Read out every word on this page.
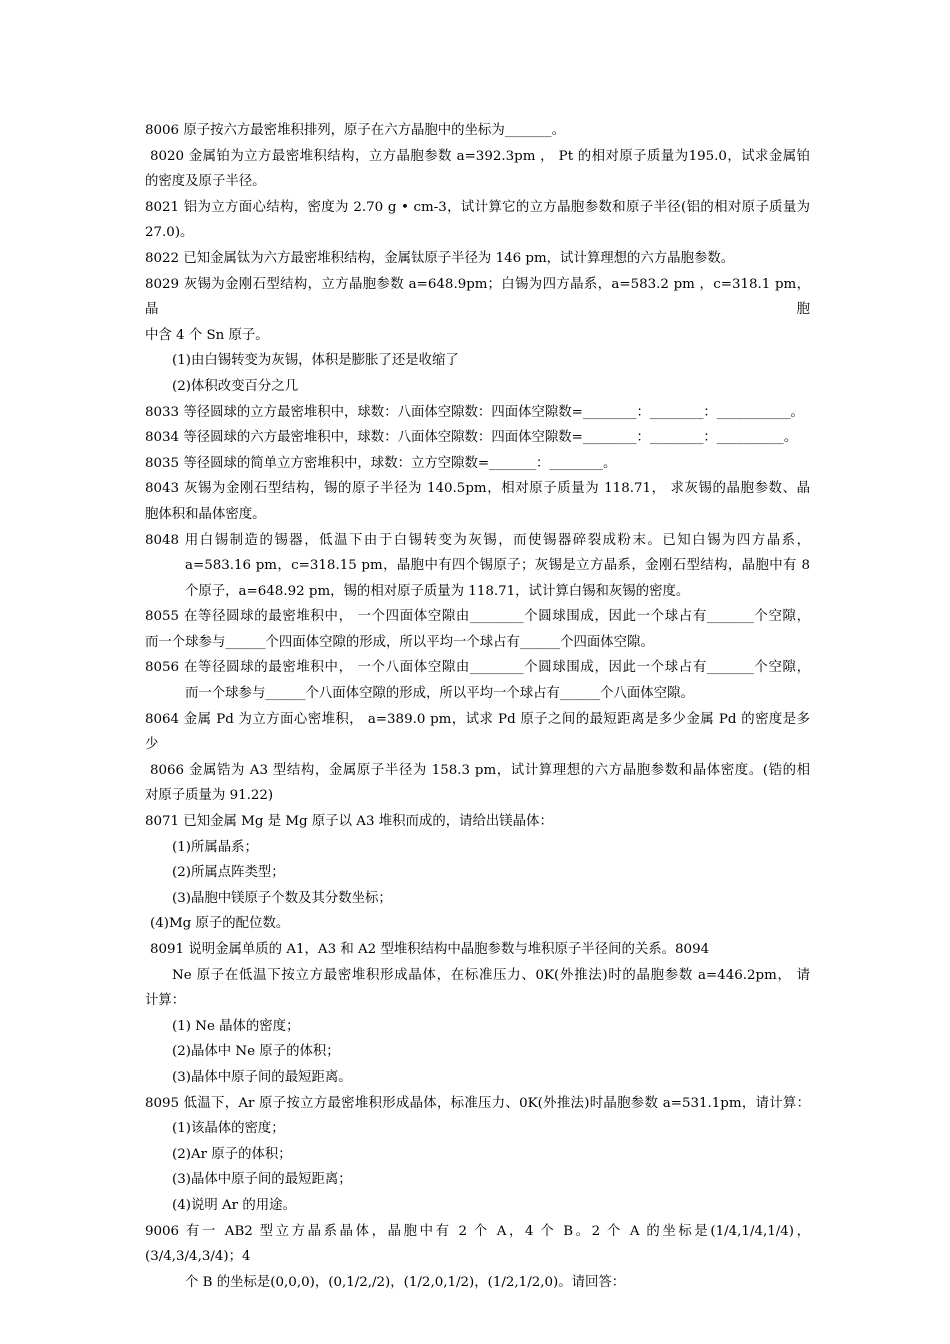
8006 原子按六方最密堆积排列，原子在六方晶胞中的坐标为_______。
8020 金属铂为立方最密堆积结构，立方晶胞参数 a=392.3pm ， Pt 的相对原子质量为195.0，试求金属铂
的密度及原子半径。
8021 铝为立方面心结构，密度为 2.70 g • cm-3，试计算它的立方晶胞参数和原子半径(铝的相对原子质量为
27.0)。
8022 已知金属钛为六方最密堆积结构，金属钛原子半径为 146 pm，试计算理想的六方晶胞参数。
8029 灰锡为金刚石型结构，立方晶胞参数 a=648.9pm；白锡为四方晶系，a=583.2 pm ，c=318.1 pm，晶胞
中含 4 个 Sn 原子。
(1)由白锡转变为灰锡，体积是膨胀了还是收缩了
(2)体积改变百分之几
8033 等径圆球的立方最密堆积中，球数：八面体空隙数：四面体空隙数=________：________：___________。
8034 等径圆球的六方最密堆积中，球数：八面体空隙数：四面体空隙数=________：________：__________。
8035 等径圆球的简单立方密堆积中，球数：立方空隙数=_______：________。
8043 灰锡为金刚石型结构，锡的原子半径为 140.5pm，相对原子质量为 118.71， 求灰锡的晶胞参数、晶
胞体积和晶体密度。
8048 用白锡制造的锡器，低温下由于白锡转变为灰锡，而使锡器碎裂成粉末。已知白锡为四方晶系，
a=583.16 pm，c=318.15 pm，晶胞中有四个锡原子；灰锡是立方晶系，金刚石型结构，晶胞中有 8
个原子，a=648.92 pm，锡的相对原子质量为 118.71，试计算白锡和灰锡的密度。
8055 在等径圆球的最密堆积中， 一个四面体空隙由________个圆球围成，因此一个球占有_______个空隙，
而一个球参与______个四面体空隙的形成，所以平均一个球占有______个四面体空隙。
8056 在等径圆球的最密堆积中， 一个八面体空隙由________个圆球围成，因此一个球占有_______个空隙，
而一个球参与______个八面体空隙的形成，所以平均一个球占有______个八面体空隙。
8064 金属 Pd 为立方面心密堆积， a=389.0 pm，试求 Pd 原子之间的最短距离是多少金属 Pd 的密度是多
少
8066 金属锆为 A3 型结构，金属原子半径为 158.3 pm，试计算理想的六方晶胞参数和晶体密度。(锆的相
对原子质量为 91.22)
8071 已知金属 Mg 是 Mg 原子以 A3 堆积而成的，请给出镁晶体：
(1)所属晶系；
(2)所属点阵类型；
(3)晶胞中镁原子个数及其分数坐标；
(4)Mg 原子的配位数。
8091 说明金属单质的 A1，A3 和 A2 型堆积结构中晶胞参数与堆积原子半径间的关系。8094
Ne 原子在低温下按立方最密堆积形成晶体，在标准压力、0K(外推法)时的晶胞参数 a=446.2pm， 请
计算：
(1) Ne 晶体的密度；
(2)晶体中 Ne 原子的体积；
(3)晶体中原子间的最短距离。
8095 低温下，Ar 原子按立方最密堆积形成晶体，标准压力、0K(外推法)时晶胞参数 a=531.1pm，请计算：
(1)该晶体的密度；
(2)Ar 原子的体积；
(3)晶体中原子间的最短距离；
(4)说明 Ar 的用途。
9006 有一 AB2 型立方晶系晶体，晶胞中有 2 个 A，4 个 B。2 个 A 的坐标是(1/4,1/4,1/4)， (3/4,3/4,3/4)；4
个 B 的坐标是(0,0,0)，(0,1/2,/2)，(1/2,0,1/2)，(1/2,1/2,0)。请回答：
